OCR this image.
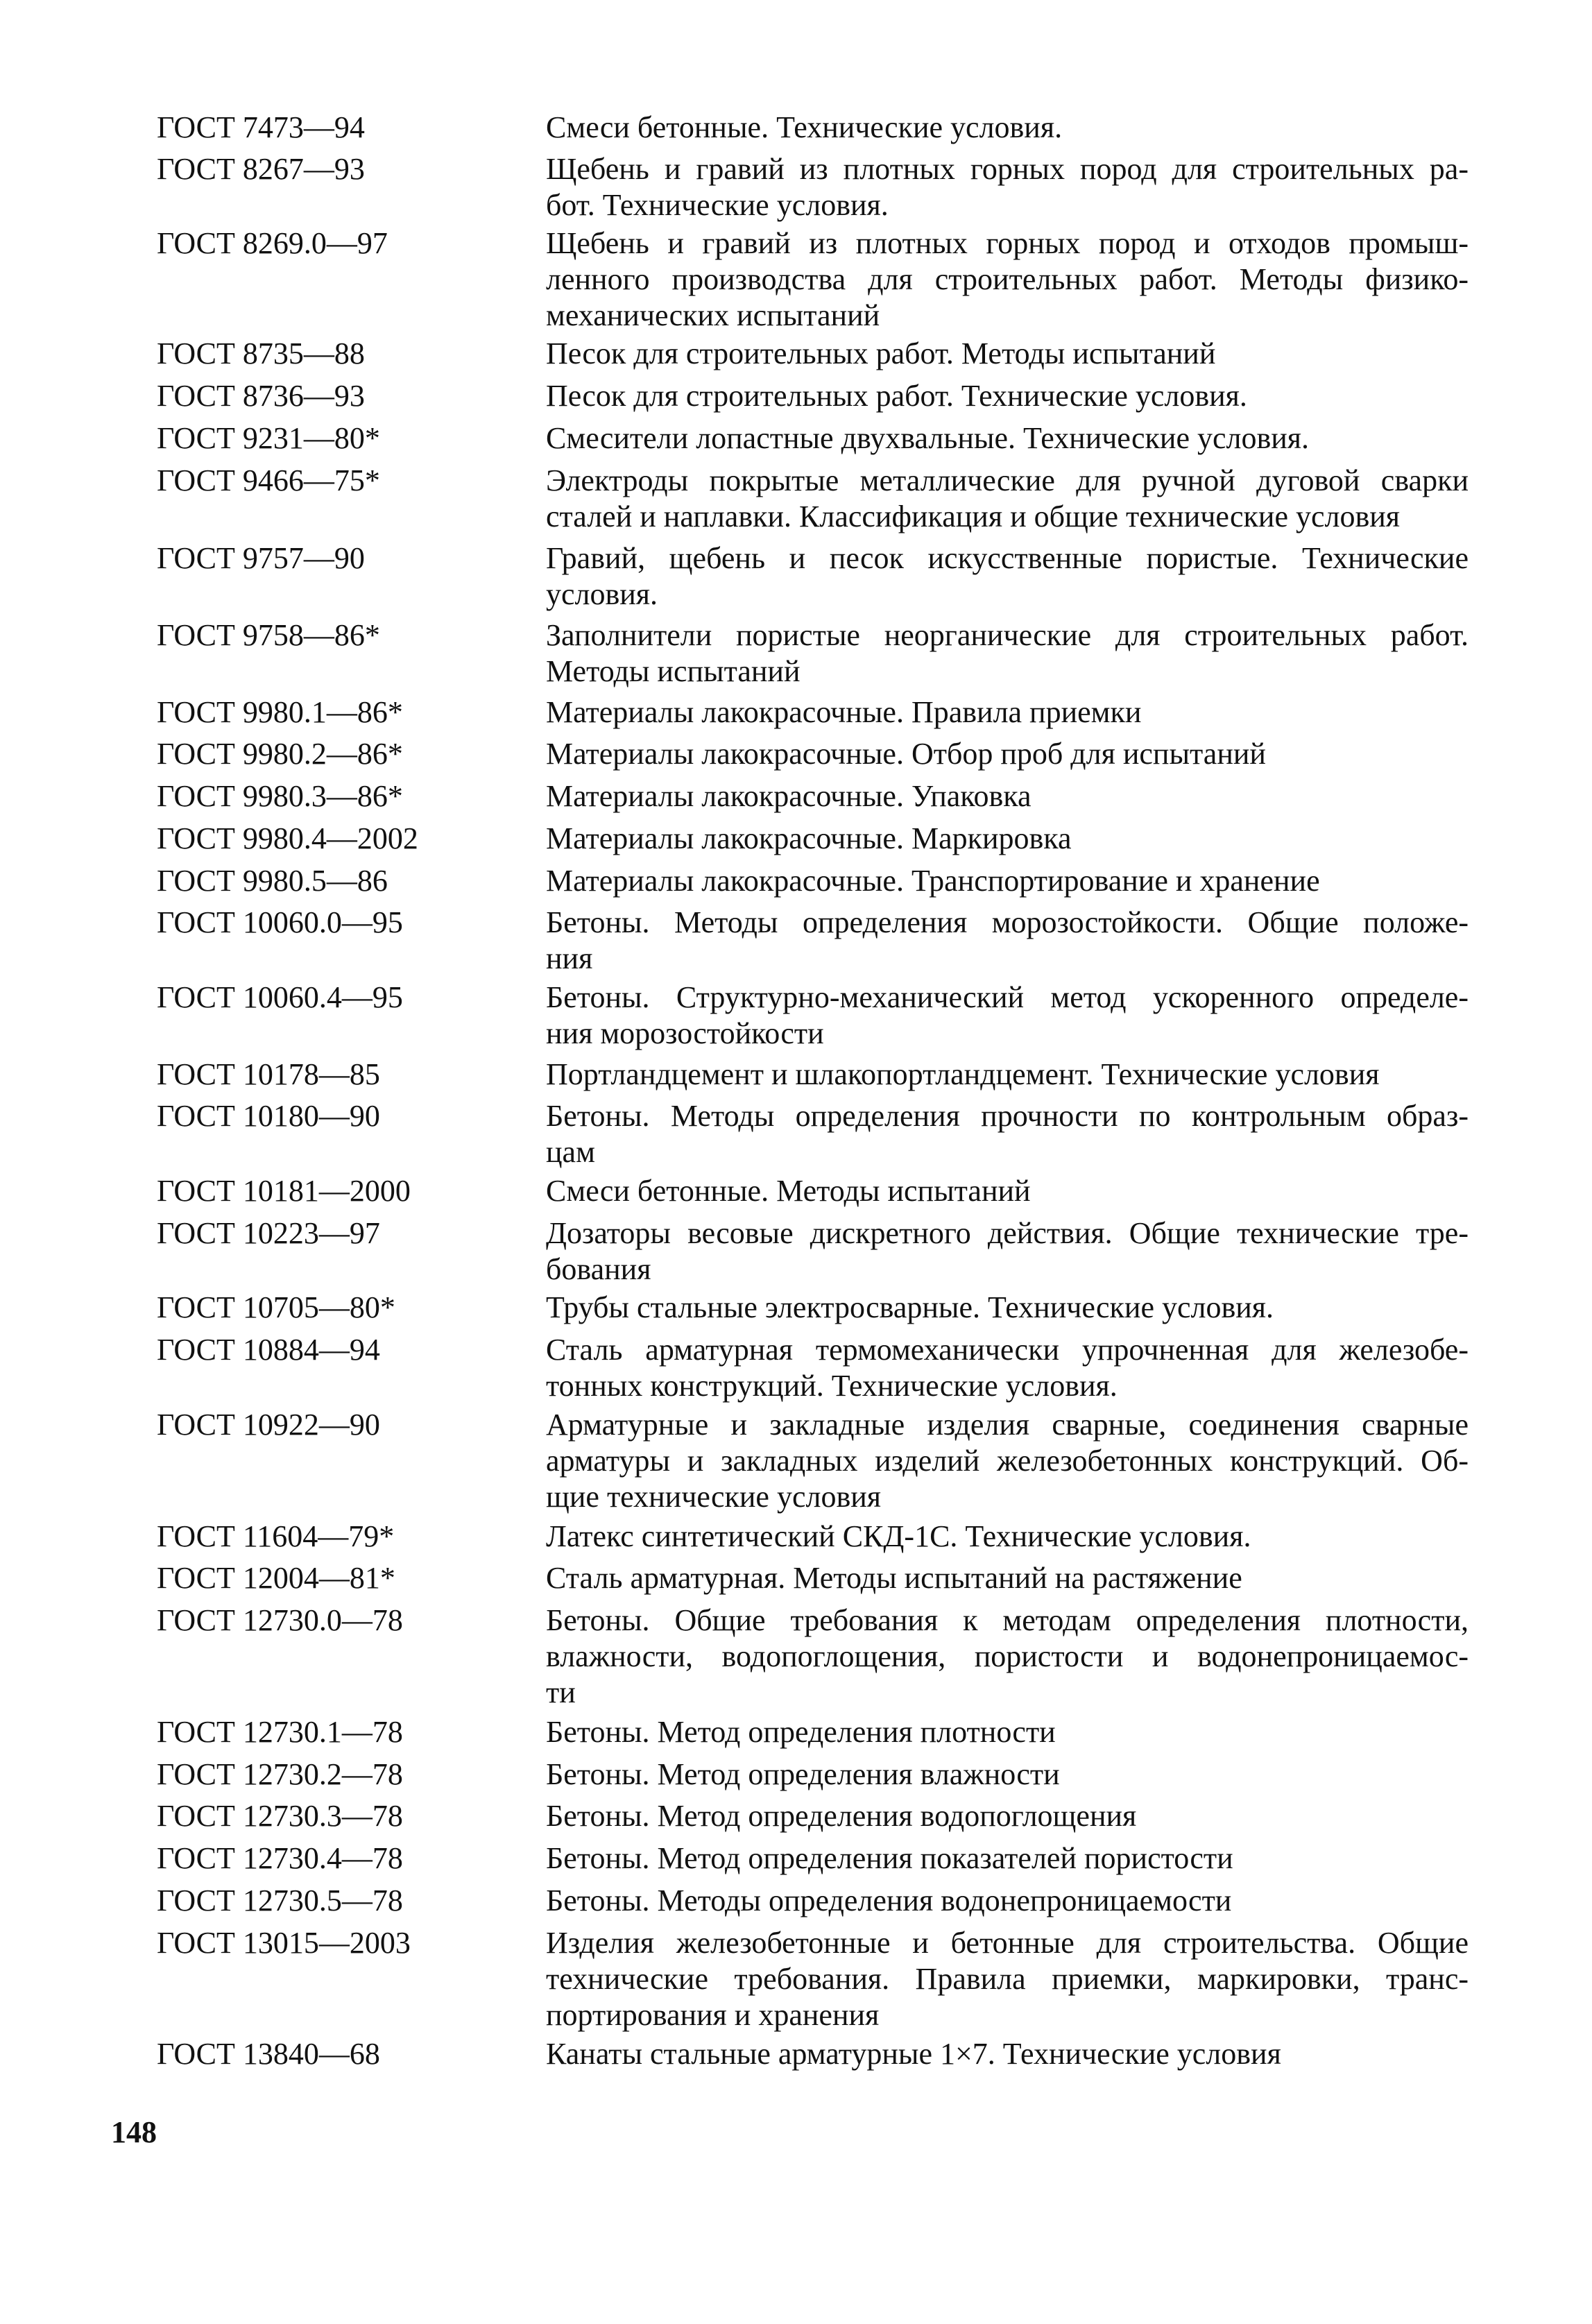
ГОСТ 7473—94	Смеси бетонные. Технические условия.
ГОСТ 8267—93	Щебень и гравий из плотных горных пород для строительных ра-
бот. Технические условия.
ГОСТ 8269.0—97	Щебень и гравий из плотных горных пород и отходов промыш-
ленного производства для строительных работ. Методы физико-
механических испытаний
ГОСТ 8735—88	Песок для строительных работ. Методы испытаний
ГОСТ 8736—93	Песок для строительных работ. Технические условия.
ГОСТ 9231—80*	Смесители лопастные двухвальные. Технические условия.
ГОСТ 9466—75*	Электроды покрытые металлические для ручной дуговой сварки
сталей и наплавки. Классификация и общие технические условия
ГОСТ 9757—90	Гравий, щебень и песок искусственные пористые. Технические
условия.
ГОСТ 9758—86*	Заполнители пористые неорганические для строительных работ.
Методы испытаний
ГОСТ 9980.1—86*	Материалы лакокрасочные. Правила приемки
ГОСТ 9980.2—86*	Материалы лакокрасочные. Отбор проб для испытаний
ГОСТ 9980.3—86*	Материалы лакокрасочные. Упаковка
ГОСТ 9980.4—2002	Материалы лакокрасочные. Маркировка
ГОСТ 9980.5—86	Материалы лакокрасочные. Транспортирование и хранение
ГОСТ 10060.0—95	Бетоны. Методы определения морозостойкости. Общие положе-
ния
ГОСТ 10060.4—95	Бетоны. Структурно-механический метод ускоренного определе-
ния морозостойкости
ГОСТ 10178—85	Портландцемент и шлакопортландцемент. Технические условия
ГОСТ 10180—90	Бетоны. Методы определения прочности по контрольным образ-
цам
ГОСТ 10181—2000	Смеси бетонные. Методы испытаний
ГОСТ 10223—97	Дозаторы весовые дискретного действия. Общие технические тре-
бования
ГОСТ 10705—80*	Трубы стальные электросварные. Технические условия.
ГОСТ 10884—94	Сталь арматурная термомеханически упрочненная для железобе-
тонных конструкций. Технические условия.
ГОСТ 10922—90	Арматурные и закладные изделия сварные, соединения сварные
арматуры и закладных изделий железобетонных конструкций. Об-
щие технические условия
ГОСТ 11604—79*	Латекс синтетический СКД-1С. Технические условия.
ГОСТ 12004—81*	Сталь арматурная. Методы испытаний на растяжение
ГОСТ 12730.0—78	Бетоны. Общие требования к методам определения плотности,
влажности, водопоглощения, пористости и водонепроницаемос-
ти
ГОСТ 12730.1—78	Бетоны. Метод определения плотности
ГОСТ 12730.2—78	Бетоны. Метод определения влажности
ГОСТ 12730.3—78	Бетоны. Метод определения водопоглощения
ГОСТ 12730.4—78	Бетоны. Метод определения показателей пористости
ГОСТ 12730.5—78	Бетоны. Методы определения водонепроницаемости
ГОСТ 13015—2003	Изделия железобетонные и бетонные для строительства. Общие
технические требования. Правила приемки, маркировки, транс-
портирования и хранения
ГОСТ 13840—68	Канаты стальные арматурные 1×7. Технические условия
148
